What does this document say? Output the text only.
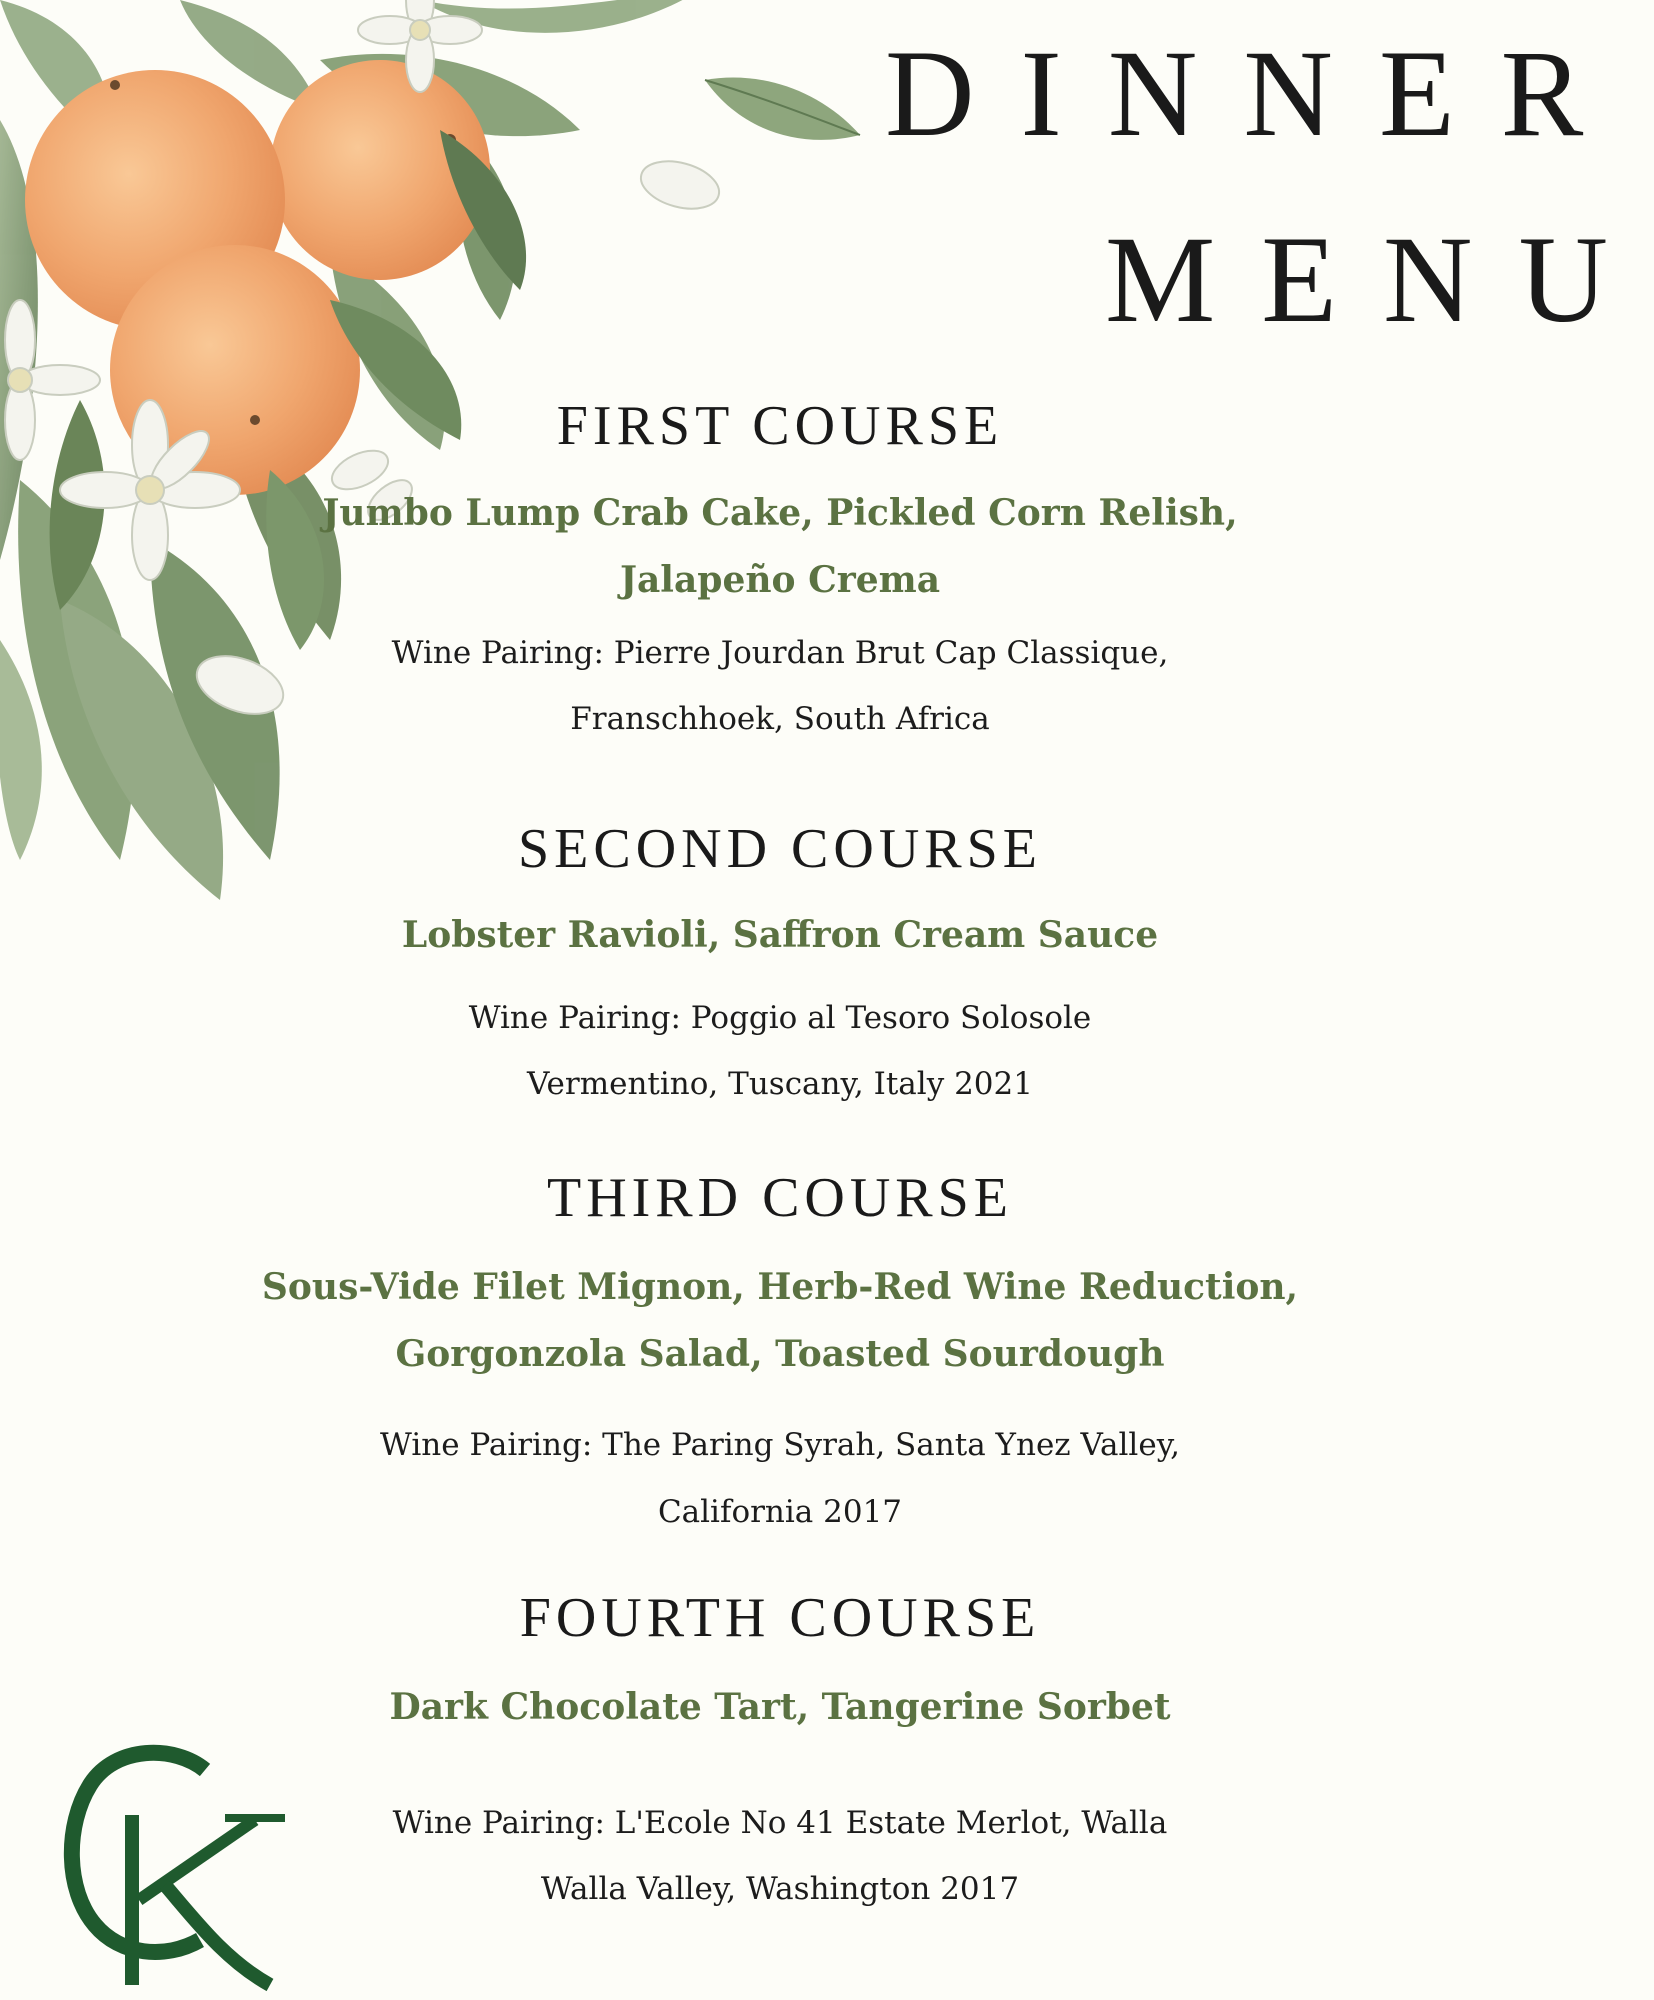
DINNER
MENU
FIRST COURSE
Jumbo Lump Crab Cake, Pickled Corn Relish,
Jalapeño Crema
Wine Pairing: Pierre Jourdan Brut Cap Classique,
Franschhoek, South Africa
SECOND COURSE
Lobster Ravioli, Saffron Cream Sauce
Wine Pairing: Poggio al Tesoro Solosole
Vermentino, Tuscany, Italy 2021
THIRD COURSE
Sous-Vide Filet Mignon, Herb-Red Wine Reduction,
Gorgonzola Salad, Toasted Sourdough
Wine Pairing: The Paring Syrah, Santa Ynez Valley,
California 2017
FOURTH COURSE
Dark Chocolate Tart, Tangerine Sorbet
Wine Pairing: L'Ecole No 41 Estate Merlot, Walla
Walla Valley, Washington 2017
